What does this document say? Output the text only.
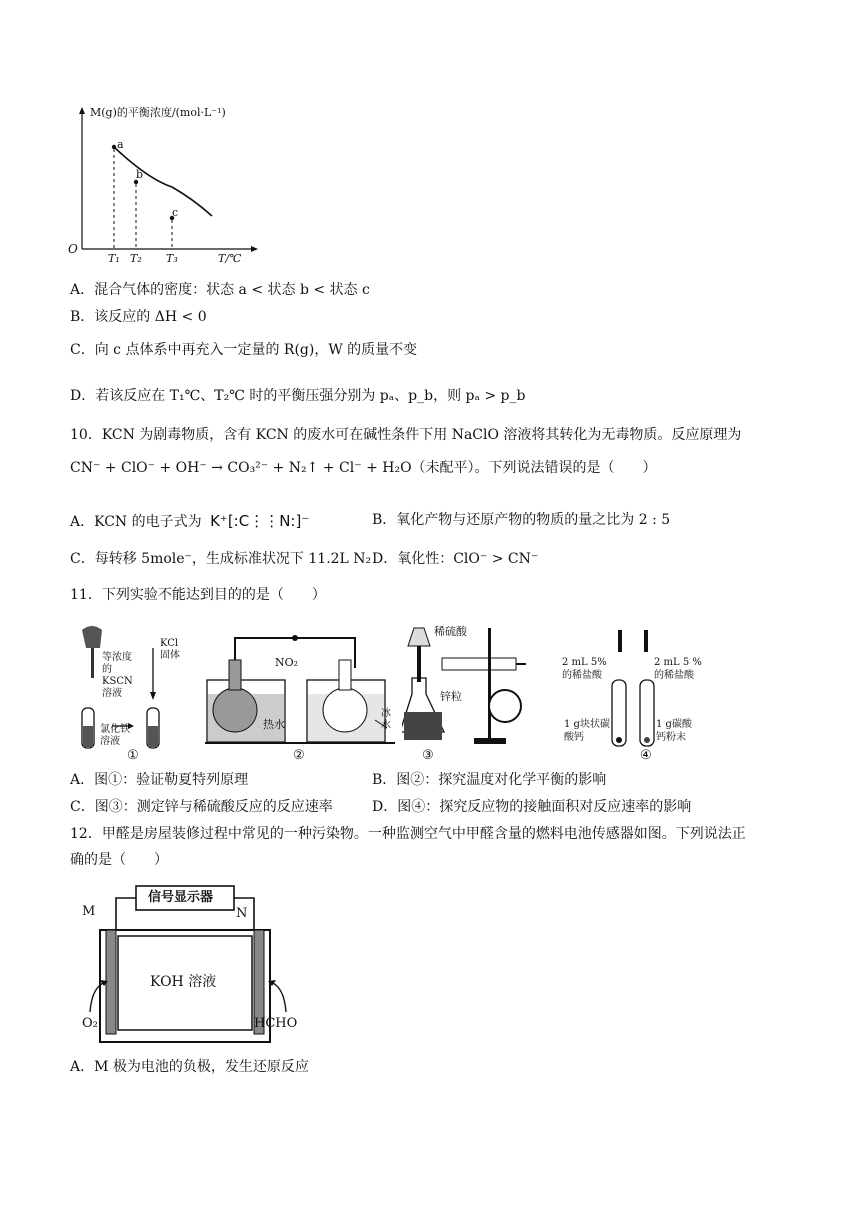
M(g)的平衡浓度/(mol·L⁻¹)
O
T/℃
a
b
c
T₁ T₂ T₃
A．混合气体的密度：状态 a < 状态 b < 状态 c
B．该反应的 ΔH < 0
C．向 c 点体系中再充入一定量的 R(g)，W 的质量不变
D．若该反应在 T₁℃、T₂℃ 时的平衡压强分别为 pₐ、p_b，则 pₐ > p_b
10．KCN 为剧毒物质，含有 KCN 的废水可在碱性条件下用 NaClO 溶液将其转化为无毒物质。反应原理为
CN⁻ + ClO⁻ + OH⁻ → CO₃²⁻ + N₂↑ + Cl⁻ + H₂O（未配平）。下列说法错误的是（　　）
A．KCN 的电子式为 K⁺[:C⋮⋮N:]⁻	B．氧化产物与还原产物的物质的量之比为 2 : 5
C．每转移 5mole⁻，生成标准状况下 11.2L N₂ D．氧化性：ClO⁻ > CN⁻
11．下列实验不能达到目的的是（　　）
等浓度的KSCN溶液
KCl固体
氯化铁溶液
①
NO₂
热水
冰水
②
稀硫酸
锌粒
③
2 mL 5%的稀盐酸
2 mL 5 %的稀盐酸
1 g块状碳酸钙
1 g碳酸钙粉末
④
A．图①：验证勒夏特列原理	B．图②：探究温度对化学平衡的影响
C．图③：测定锌与稀硫酸反应的反应速率	D．图④：探究反应物的接触面积对反应速率的影响
12．甲醛是房屋装修过程中常见的一种污染物。一种监测空气中甲醛含量的燃料电池传感器如图。下列说法正
确的是（　　）
信号显示器
M	N
KOH 溶液
O₂	HCHO
A．M 极为电池的负极，发生还原反应
